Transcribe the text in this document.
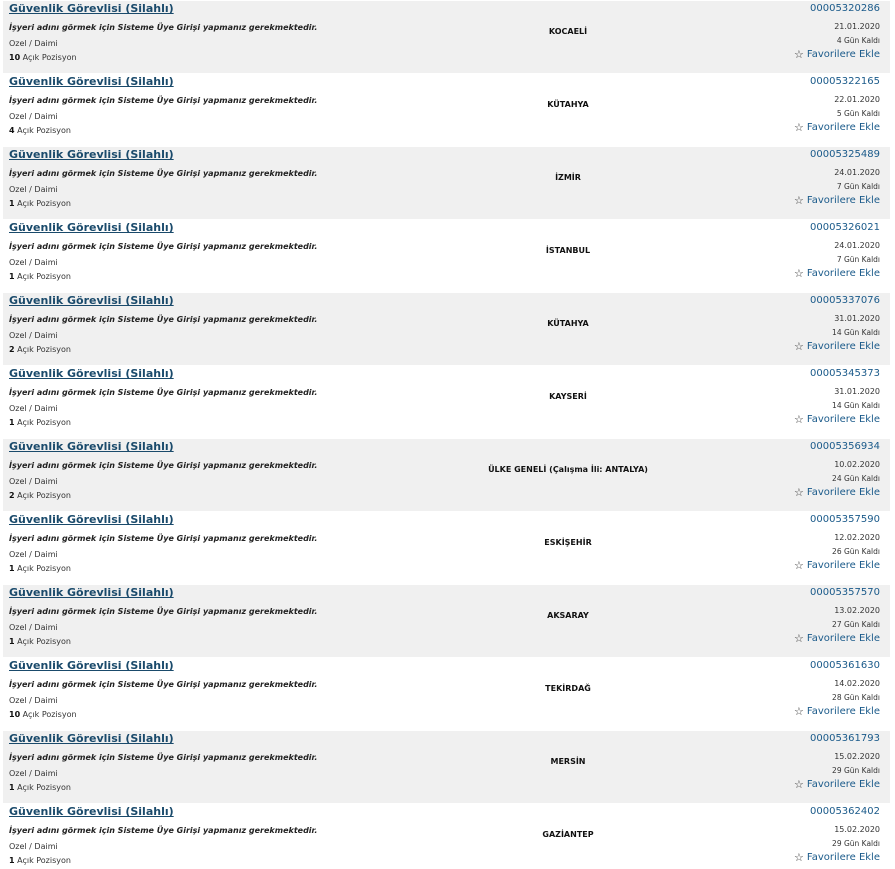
Güvenlik Görevlisi (Silahlı)
İşyeri adını görmek için Sisteme Üye Girişi yapmanız gerekmektedir.
Ozel / Daimi
10 Açık Pozisyon
KOCAELİ
00005320286
21.01.2020
4 Gün Kaldı
☆ Favorilere Ekle
Güvenlik Görevlisi (Silahlı)
İşyeri adını görmek için Sisteme Üye Girişi yapmanız gerekmektedir.
Ozel / Daimi
4 Açık Pozisyon
KÜTAHYA
00005322165
22.01.2020
5 Gün Kaldı
☆ Favorilere Ekle
Güvenlik Görevlisi (Silahlı)
İşyeri adını görmek için Sisteme Üye Girişi yapmanız gerekmektedir.
Ozel / Daimi
1 Açık Pozisyon
İZMİR
00005325489
24.01.2020
7 Gün Kaldı
☆ Favorilere Ekle
Güvenlik Görevlisi (Silahlı)
İşyeri adını görmek için Sisteme Üye Girişi yapmanız gerekmektedir.
Ozel / Daimi
1 Açık Pozisyon
İSTANBUL
00005326021
24.01.2020
7 Gün Kaldı
☆ Favorilere Ekle
Güvenlik Görevlisi (Silahlı)
İşyeri adını görmek için Sisteme Üye Girişi yapmanız gerekmektedir.
Ozel / Daimi
2 Açık Pozisyon
KÜTAHYA
00005337076
31.01.2020
14 Gün Kaldı
☆ Favorilere Ekle
Güvenlik Görevlisi (Silahlı)
İşyeri adını görmek için Sisteme Üye Girişi yapmanız gerekmektedir.
Ozel / Daimi
1 Açık Pozisyon
KAYSERİ
00005345373
31.01.2020
14 Gün Kaldı
☆ Favorilere Ekle
Güvenlik Görevlisi (Silahlı)
İşyeri adını görmek için Sisteme Üye Girişi yapmanız gerekmektedir.
Ozel / Daimi
2 Açık Pozisyon
ÜLKE GENELİ (Çalışma İli: ANTALYA)
00005356934
10.02.2020
24 Gün Kaldı
☆ Favorilere Ekle
Güvenlik Görevlisi (Silahlı)
İşyeri adını görmek için Sisteme Üye Girişi yapmanız gerekmektedir.
Ozel / Daimi
1 Açık Pozisyon
ESKİŞEHİR
00005357590
12.02.2020
26 Gün Kaldı
☆ Favorilere Ekle
Güvenlik Görevlisi (Silahlı)
İşyeri adını görmek için Sisteme Üye Girişi yapmanız gerekmektedir.
Ozel / Daimi
1 Açık Pozisyon
AKSARAY
00005357570
13.02.2020
27 Gün Kaldı
☆ Favorilere Ekle
Güvenlik Görevlisi (Silahlı)
İşyeri adını görmek için Sisteme Üye Girişi yapmanız gerekmektedir.
Ozel / Daimi
10 Açık Pozisyon
TEKİRDAĞ
00005361630
14.02.2020
28 Gün Kaldı
☆ Favorilere Ekle
Güvenlik Görevlisi (Silahlı)
İşyeri adını görmek için Sisteme Üye Girişi yapmanız gerekmektedir.
Ozel / Daimi
1 Açık Pozisyon
MERSİN
00005361793
15.02.2020
29 Gün Kaldı
☆ Favorilere Ekle
Güvenlik Görevlisi (Silahlı)
İşyeri adını görmek için Sisteme Üye Girişi yapmanız gerekmektedir.
Ozel / Daimi
1 Açık Pozisyon
GAZİANTEP
00005362402
15.02.2020
29 Gün Kaldı
☆ Favorilere Ekle
